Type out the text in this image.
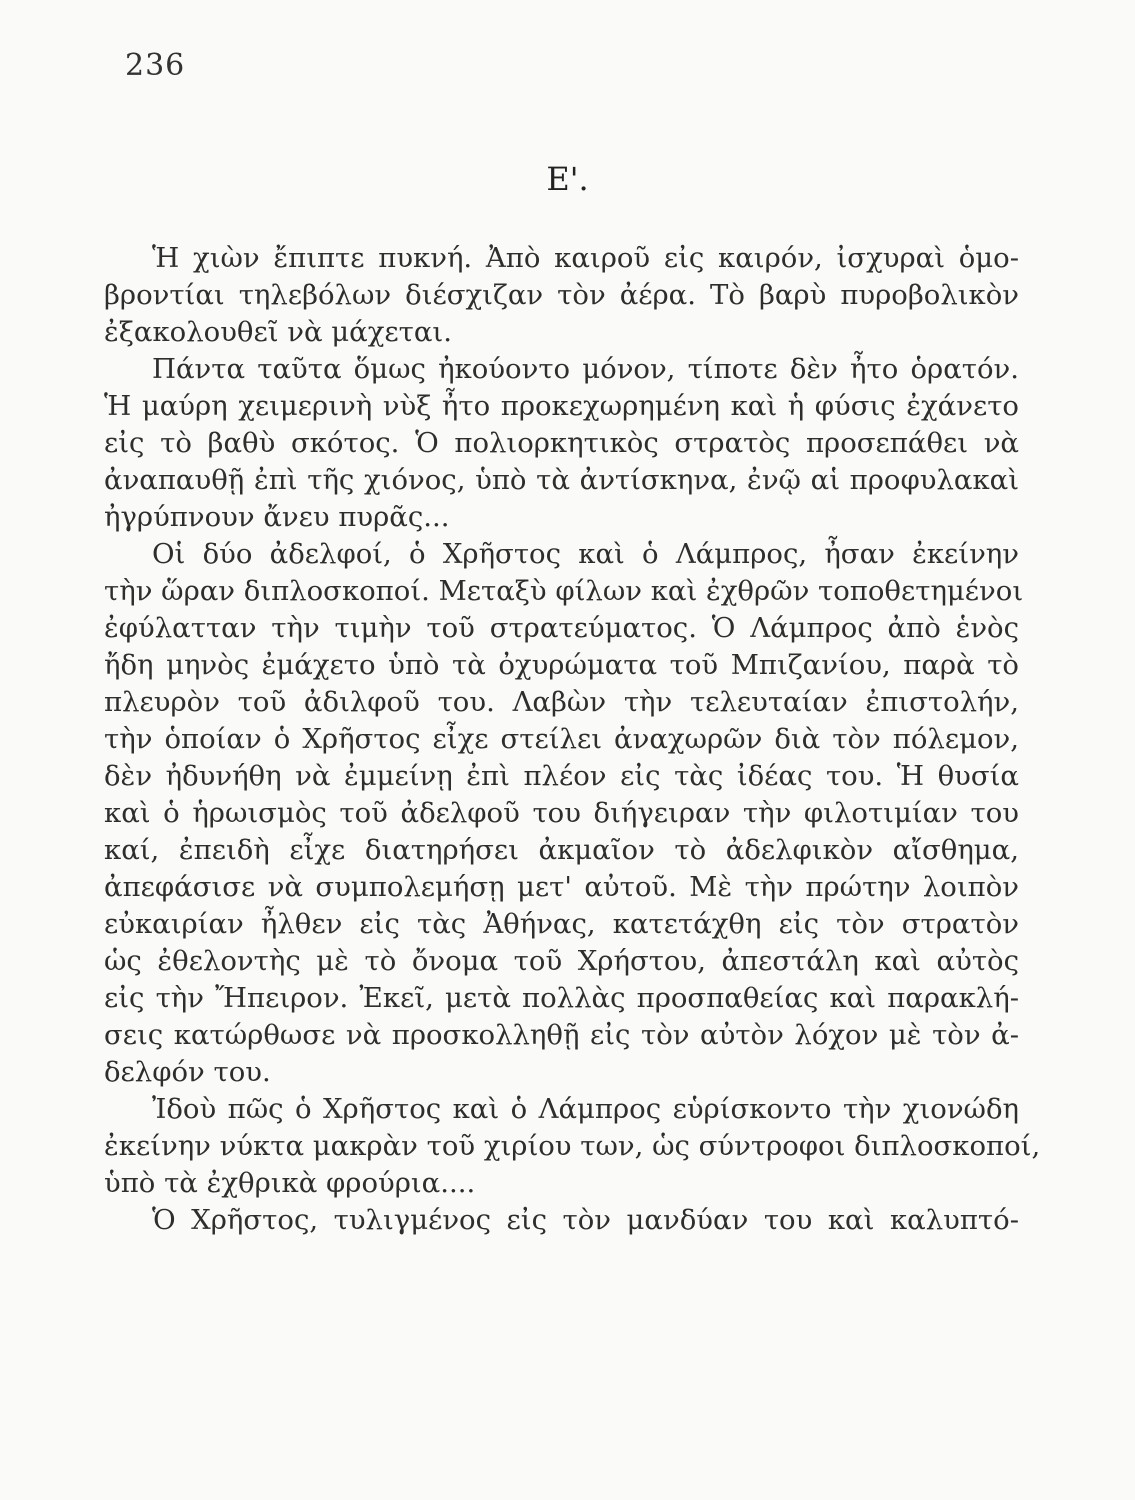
236
Ε'.
Ἡ χιὼν ἔπιπτε πυκνή. Ἀπὸ καιροῦ εἰς καιρόν, ἰσχυραὶ ὁμο-
βροντίαι τηλεβόλων διέσχιζαν τὸν ἀέρα. Τὸ βαρὺ πυροβολικὸν
ἐξακολουθεῖ νὰ μάχεται.
Πάντα ταῦτα ὅμως ἠκούοντο μόνον, τίποτε δὲν ἦτο ὁρατόν.
Ἡ μαύρη χειμερινὴ νὺξ ἦτο προκεχωρημένη καὶ ἡ φύσις ἐχάνετο
εἰς τὸ βαθὺ σκότος. Ὁ πολιορκητικὸς στρατὸς προσεπάθει νὰ
ἀναπαυθῇ ἐπὶ τῆς χιόνος, ὑπὸ τὰ ἀντίσκηνα, ἐνῷ αἱ προφυλακαὶ
ἠγρύπνουν ἄνευ πυρᾶς...
Οἱ δύο ἀδελφοί, ὁ Χρῆστος καὶ ὁ Λάμπρος, ἦσαν ἐκείνην
τὴν ὥραν διπλοσκοποί. Μεταξὺ φίλων καὶ ἐχθρῶν τοποθετημένοι
ἐφύλατταν τὴν τιμὴν τοῦ στρατεύματος. Ὁ Λάμπρος ἀπὸ ἑνὸς
ἤδη μηνὸς ἐμάχετο ὑπὸ τὰ ὀχυρώματα τοῦ Μπιζανίου, παρὰ τὸ
πλευρὸν τοῦ ἀδιλφοῦ του. Λαβὼν τὴν τελευταίαν ἐπιστολήν,
τὴν ὁποίαν ὁ Χρῆστος εἶχε στείλει ἀναχωρῶν διὰ τὸν πόλεμον,
δὲν ἠδυνήθη νὰ ἐμμείνῃ ἐπὶ πλέον εἰς τὰς ἰδέας του. Ἡ θυσία
καὶ ὁ ἡρωισμὸς τοῦ ἀδελφοῦ του διήγειραν τὴν φιλοτιμίαν του
καί, ἐπειδὴ εἶχε διατηρήσει ἀκμαῖον τὸ ἀδελφικὸν αἴσθημα,
ἀπεφάσισε νὰ συμπολεμήσῃ μετ' αὐτοῦ. Μὲ τὴν πρώτην λοιπὸν
εὐκαιρίαν ἦλθεν εἰς τὰς Ἀθήνας, κατετάχθη εἰς τὸν στρατὸν
ὡς ἐθελοντὴς μὲ τὸ ὄνομα τοῦ Χρήστου, ἀπεστάλη καὶ αὐτὸς
εἰς τὴν Ἤπειρον. Ἐκεῖ, μετὰ πολλὰς προσπαθείας καὶ παρακλή-
σεις κατώρθωσε νὰ προσκολληθῇ εἰς τὸν αὐτὸν λόχον μὲ τὸν ἀ-
δελφόν του.
Ἰδοὺ πῶς ὁ Χρῆστος καὶ ὁ Λάμπρος εὑρίσκοντο τὴν χιονώδη
ἐκείνην νύκτα μακρὰν τοῦ χιρίου των, ὡς σύντροφοι διπλοσκοποί,
ὑπὸ τὰ ἐχθρικὰ φρούρια....
Ὁ Χρῆστος, τυλιγμένος εἰς τὸν μανδύαν του καὶ καλυπτό-
